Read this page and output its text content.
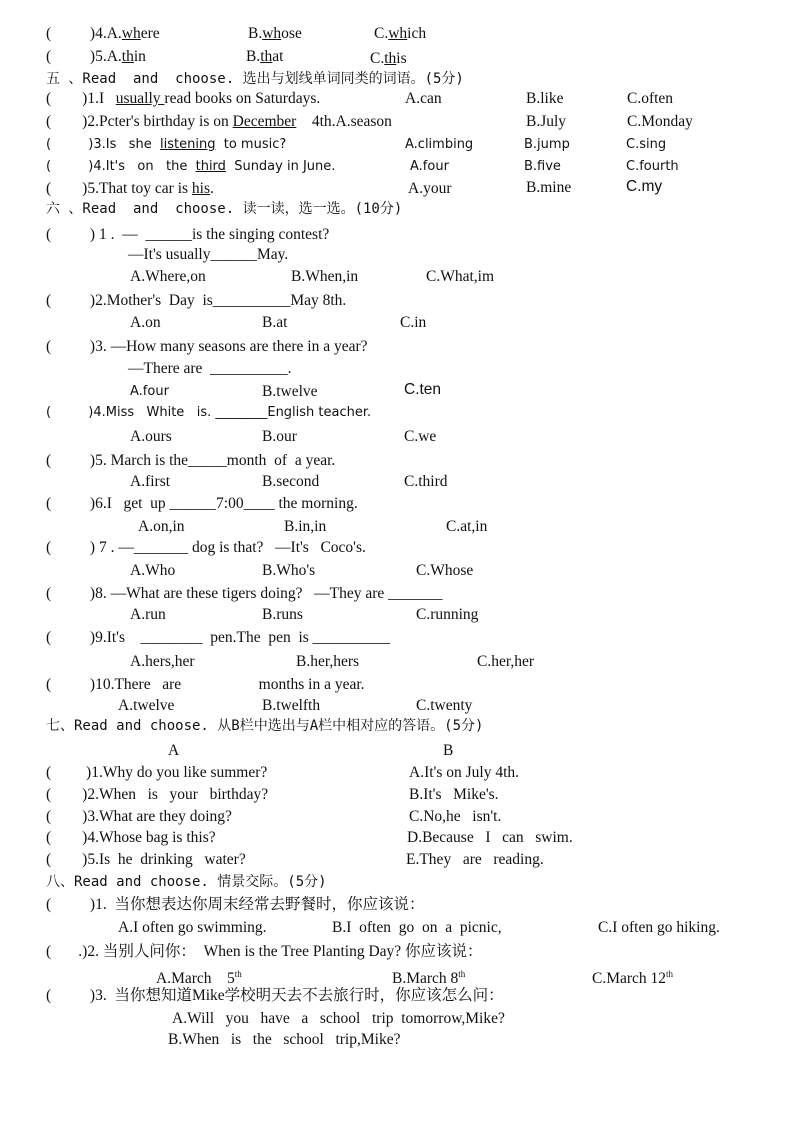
(          )4.A.where	B.whose	C.which
(          )5.A.thin	B.that	C.this
五 、Read  and  choose. 选出与划线单词同类的词语。(5分)
(        )1.I   usually read books on Saturdays.	A.can	B.like	C.often
(        )2.Pcter's birthday is on December    4th.A.season	B.July	C.Monday
(         )3.Is   she  listening  to music?	A.climbing	B.jump	C.sing
(         )4.It's   on   the  third  Sunday in June.	A.four	B.five	C.fourth
(        )5.That toy car is his.	A.your	B.mine	C.my
六 、Read  and  choose. 读一读，选一选。(10分)
(          ) 1 .  —  ______is the singing contest?
—It's usually______May.
A.Where,on	B.When,in	C.What,im
(          )2.Mother's  Day  is__________May 8th.
A.on	B.at	C.in
(          )3. —How many seasons are there in a year?
—There are  __________.
A.four	B.twelve	C.ten
(         )4.Miss   White   is. ________English teacher.
A.ours	B.our	C.we
(          )5. March is the_____month  of  a year.
A.first	B.second	C.third
(          )6.I   get  up ______7:00____ the morning.
A.on,in	B.in,in	C.at,in
(          ) 7 . —_______ dog is that?   —It's   Coco's.
A.Who	B.Who's	C.Whose
(          )8. —What are these tigers doing?   —They are _______
A.run	B.runs	C.running
(          )9.It's    ________  pen.The  pen  is __________
A.hers,her	B.her,hers	C.her,her
(          )10.There   are                    months in a year.
A.twelve	B.twelfth	C.twenty
七、Read and choose. 从B栏中选出与A栏中相对应的答语。(5分)
A	B
(         )1.Why do you like summer?	A.It's on July 4th.
(        )2.When   is   your   birthday?	B.It's   Mike's.
(        )3.What are they doing?	C.No,he   isn't.
(        )4.Whose bag is this?	D.Because   I   can   swim.
(        )5.Is  he  drinking   water?	E.They   are   reading.
八、Read and choose. 情景交际。(5分)
(          )1.  当你想表达你周末经常去野餐时，你应该说：
A.I often go swimming.	B.I  often  go  on  a  picnic,	C.I often go hiking.
(       .)2. 当别人问你：  When is the Tree Planting Day? 你应该说：
A.March    5th	B.March 8th	C.March 12th
(          )3.  当你想知道Mike学校明天去不去旅行时，你应该怎么问：
A.Will   you   have   a   school   trip  tomorrow,Mike?
B.When   is   the   school   trip,Mike?
